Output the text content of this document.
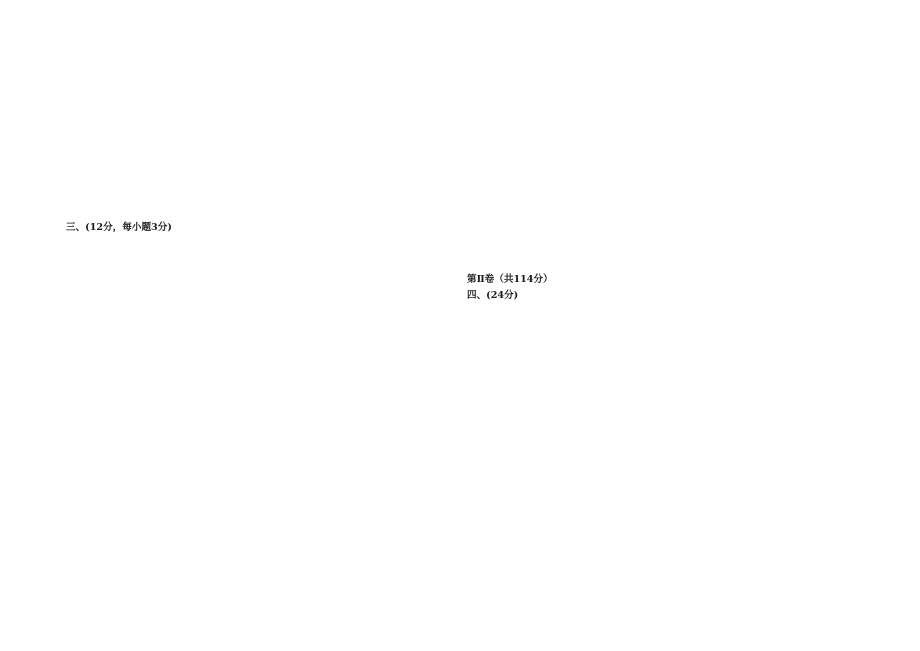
三、(12分，每小题3分)
第Ⅱ卷（共114分）
四、(24分)
